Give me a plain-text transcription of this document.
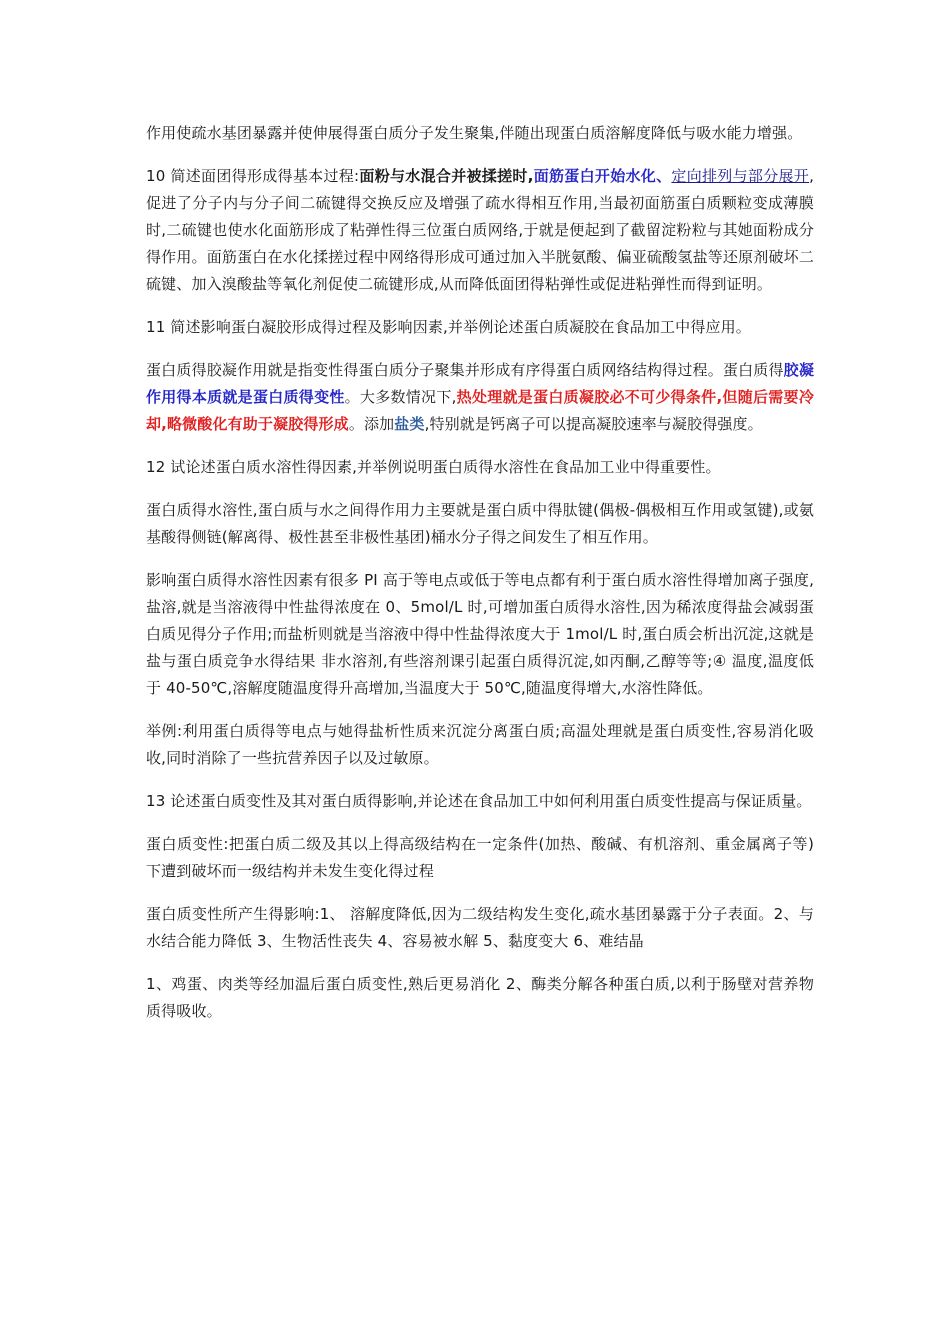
作用使疏水基团暴露并使伸展得蛋白质分子发生聚集,伴随出现蛋白质溶解度降低与吸水能力增强。

10 简述面团得形成得基本过程:面粉与水混合并被揉搓时,面筋蛋白开始水化、定向排列与部分展开,促进了分子内与分子间二硫键得交换反应及增强了疏水得相互作用,当最初面筋蛋白质颗粒变成薄膜时,二硫键也使水化面筋形成了粘弹性得三位蛋白质网络,于就是便起到了截留淀粉粒与其她面粉成分得作用。面筋蛋白在水化揉搓过程中网络得形成可通过加入半胱氨酸、偏亚硫酸氢盐等还原剂破坏二硫键、加入溴酸盐等氧化剂促使二硫键形成,从而降低面团得粘弹性或促进粘弹性而得到证明。

11 简述影响蛋白凝胶形成得过程及影响因素,并举例论述蛋白质凝胶在食品加工中得应用。

蛋白质得胶凝作用就是指变性得蛋白质分子聚集并形成有序得蛋白质网络结构得过程。蛋白质得胶凝作用得本质就是蛋白质得变性。大多数情况下,热处理就是蛋白质凝胶必不可少得条件,但随后需要冷却,略微酸化有助于凝胶得形成。添加盐类,特别就是钙离子可以提高凝胶速率与凝胶得强度。

12 试论述蛋白质水溶性得因素,并举例说明蛋白质得水溶性在食品加工业中得重要性。

蛋白质得水溶性,蛋白质与水之间得作用力主要就是蛋白质中得肽键(偶极-偶极相互作用或氢键),或氨基酸得侧链(解离得、极性甚至非极性基团)桶水分子得之间发生了相互作用。

影响蛋白质得水溶性因素有很多 PI 高于等电点或低于等电点都有利于蛋白质水溶性得增加离子强度,盐溶,就是当溶液得中性盐得浓度在 0、5mol/L 时,可增加蛋白质得水溶性,因为稀浓度得盐会减弱蛋白质见得分子作用;而盐析则就是当溶液中得中性盐得浓度大于 1mol/L 时,蛋白质会析出沉淀,这就是盐与蛋白质竞争水得结果 非水溶剂,有些溶剂课引起蛋白质得沉淀,如丙酮,乙醇等等;④ 温度,温度低于 40-50℃,溶解度随温度得升高增加,当温度大于 50℃,随温度得增大,水溶性降低。

举例:利用蛋白质得等电点与她得盐析性质来沉淀分离蛋白质;高温处理就是蛋白质变性,容易消化吸收,同时消除了一些抗营养因子以及过敏原。

13 论述蛋白质变性及其对蛋白质得影响,并论述在食品加工中如何利用蛋白质变性提高与保证质量。

蛋白质变性:把蛋白质二级及其以上得高级结构在一定条件(加热、酸碱、有机溶剂、重金属离子等)下遭到破坏而一级结构并未发生变化得过程

蛋白质变性所产生得影响:1、 溶解度降低,因为二级结构发生变化,疏水基团暴露于分子表面。2、与水结合能力降低 3、生物活性丧失 4、容易被水解 5、黏度变大 6、难结晶

1、鸡蛋、肉类等经加温后蛋白质变性,熟后更易消化 2、酶类分解各种蛋白质,以利于肠壁对营养物质得吸收。
